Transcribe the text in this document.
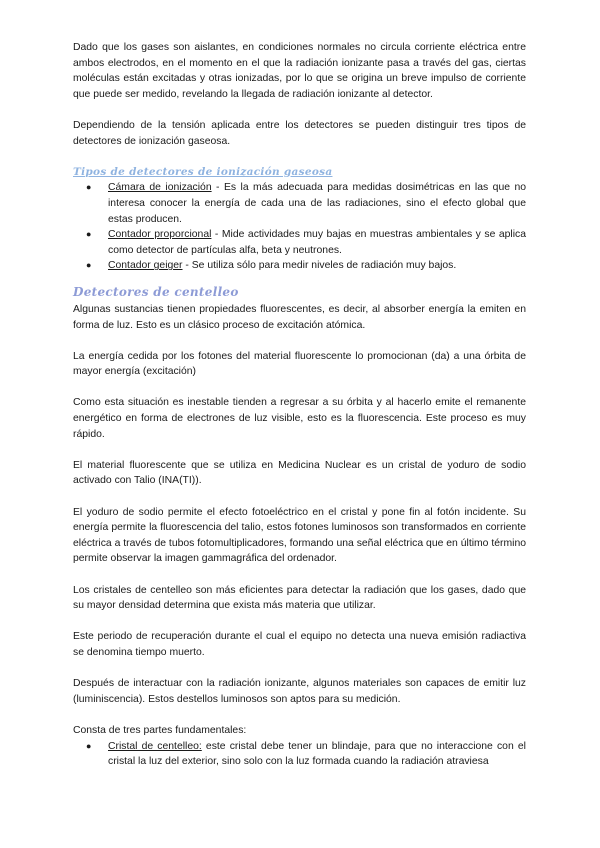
Dado que los gases son aislantes, en condiciones normales no circula corriente eléctrica entre ambos electrodos, en el momento en el que la radiación ionizante pasa a través del gas, ciertas moléculas están excitadas y otras ionizadas, por lo que se origina un breve impulso de corriente que puede ser medido, revelando la llegada de radiación ionizante al detector.

Dependiendo de la tensión aplicada entre los detectores se pueden distinguir tres tipos de detectores de ionización gaseosa.

Tipos de detectores de ionización gaseosa
● Cámara de ionización - Es la más adecuada para medidas dosimétricas en las que no interesa conocer la energía de cada una de las radiaciones, sino el efecto global que estas producen.
● Contador proporcional - Mide actividades muy bajas en muestras ambientales y se aplica como detector de partículas alfa, beta y neutrones.
● Contador geiger - Se utiliza sólo para medir niveles de radiación muy bajos.
Detectores de centelleo

Algunas sustancias tienen propiedades fluorescentes, es decir, al absorber energía la emiten en forma de luz. Esto es un clásico proceso de excitación atómica.

La energía cedida por los fotones del material fluorescente lo promocionan (da) a una órbita de mayor energía (excitación)

Como esta situación es inestable tienden a regresar a su órbita y al hacerlo emite el remanente energético en forma de electrones de luz visible, esto es la fluorescencia. Este proceso es muy rápido.

El material fluorescente que se utiliza en Medicina Nuclear es un cristal de yoduro de sodio activado con Talio (INA(TI)).

El yoduro de sodio permite el efecto fotoeléctrico en el cristal y pone fin al fotón incidente. Su energía permite la fluorescencia del talio, estos fotones luminosos son transformados en corriente eléctrica a través de tubos fotomultiplicadores, formando una señal eléctrica que en último término permite observar la imagen gammagráfica del ordenador.

Los cristales de centelleo son más eficientes para detectar la radiación que los gases, dado que su mayor densidad determina que exista más materia que utilizar.

Este periodo de recuperación durante el cual el equipo no detecta una nueva emisión radiactiva se denomina tiempo muerto.

Después de interactuar con la radiación ionizante, algunos materiales son capaces de emitir luz (luminiscencia). Estos destellos luminosos son aptos para su medición.

Consta de tres partes fundamentales:

● Cristal de centelleo: este cristal debe tener un blindaje, para que no interaccione con el cristal la luz del exterior, sino solo con la luz formada cuando la radiación atraviesa
